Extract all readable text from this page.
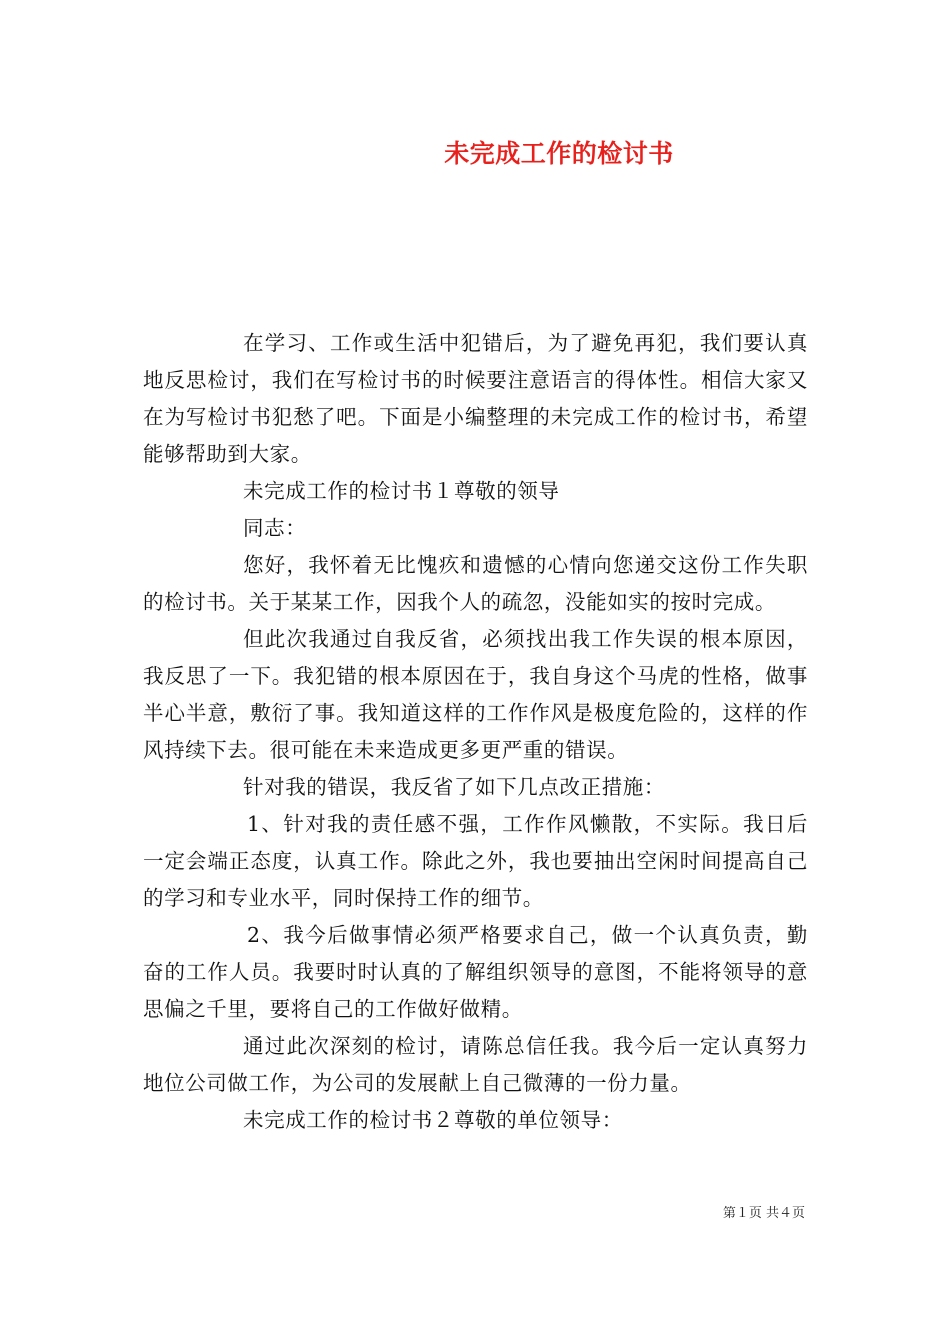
未完成工作的检讨书

在学习、工作或生活中犯错后，为了避免再犯，我们要认真地反思检讨，我们在写检讨书的时候要注意语言的得体性。相信大家又在为写检讨书犯愁了吧。下面是小编整理的未完成工作的检讨书，希望能够帮助到大家。

未完成工作的检讨书１尊敬的领导

同志：

您好，我怀着无比愧疚和遗憾的心情向您递交这份工作失职的检讨书。关于某某工作，因我个人的疏忽，没能如实的按时完成。

但此次我通过自我反省，必须找出我工作失误的根本原因，我反思了一下。我犯错的根本原因在于，我自身这个马虎的性格，做事半心半意，敷衍了事。我知道这样的工作作风是极度危险的，这样的作风持续下去。很可能在未来造成更多更严重的错误。

针对我的错误，我反省了如下几点改正措施：

1、针对我的责任感不强，工作作风懒散，不实际。我日后一定会端正态度，认真工作。除此之外，我也要抽出空闲时间提高自己的学习和专业水平，同时保持工作的细节。

2、我今后做事情必须严格要求自己，做一个认真负责，勤奋的工作人员。我要时时认真的了解组织领导的意图，不能将领导的意思偏之千里，要将自己的工作做好做精。

通过此次深刻的检讨，请陈总信任我。我今后一定认真努力地位公司做工作，为公司的发展献上自己微薄的一份力量。

未完成工作的检讨书２尊敬的单位领导：

第１页 共４页
